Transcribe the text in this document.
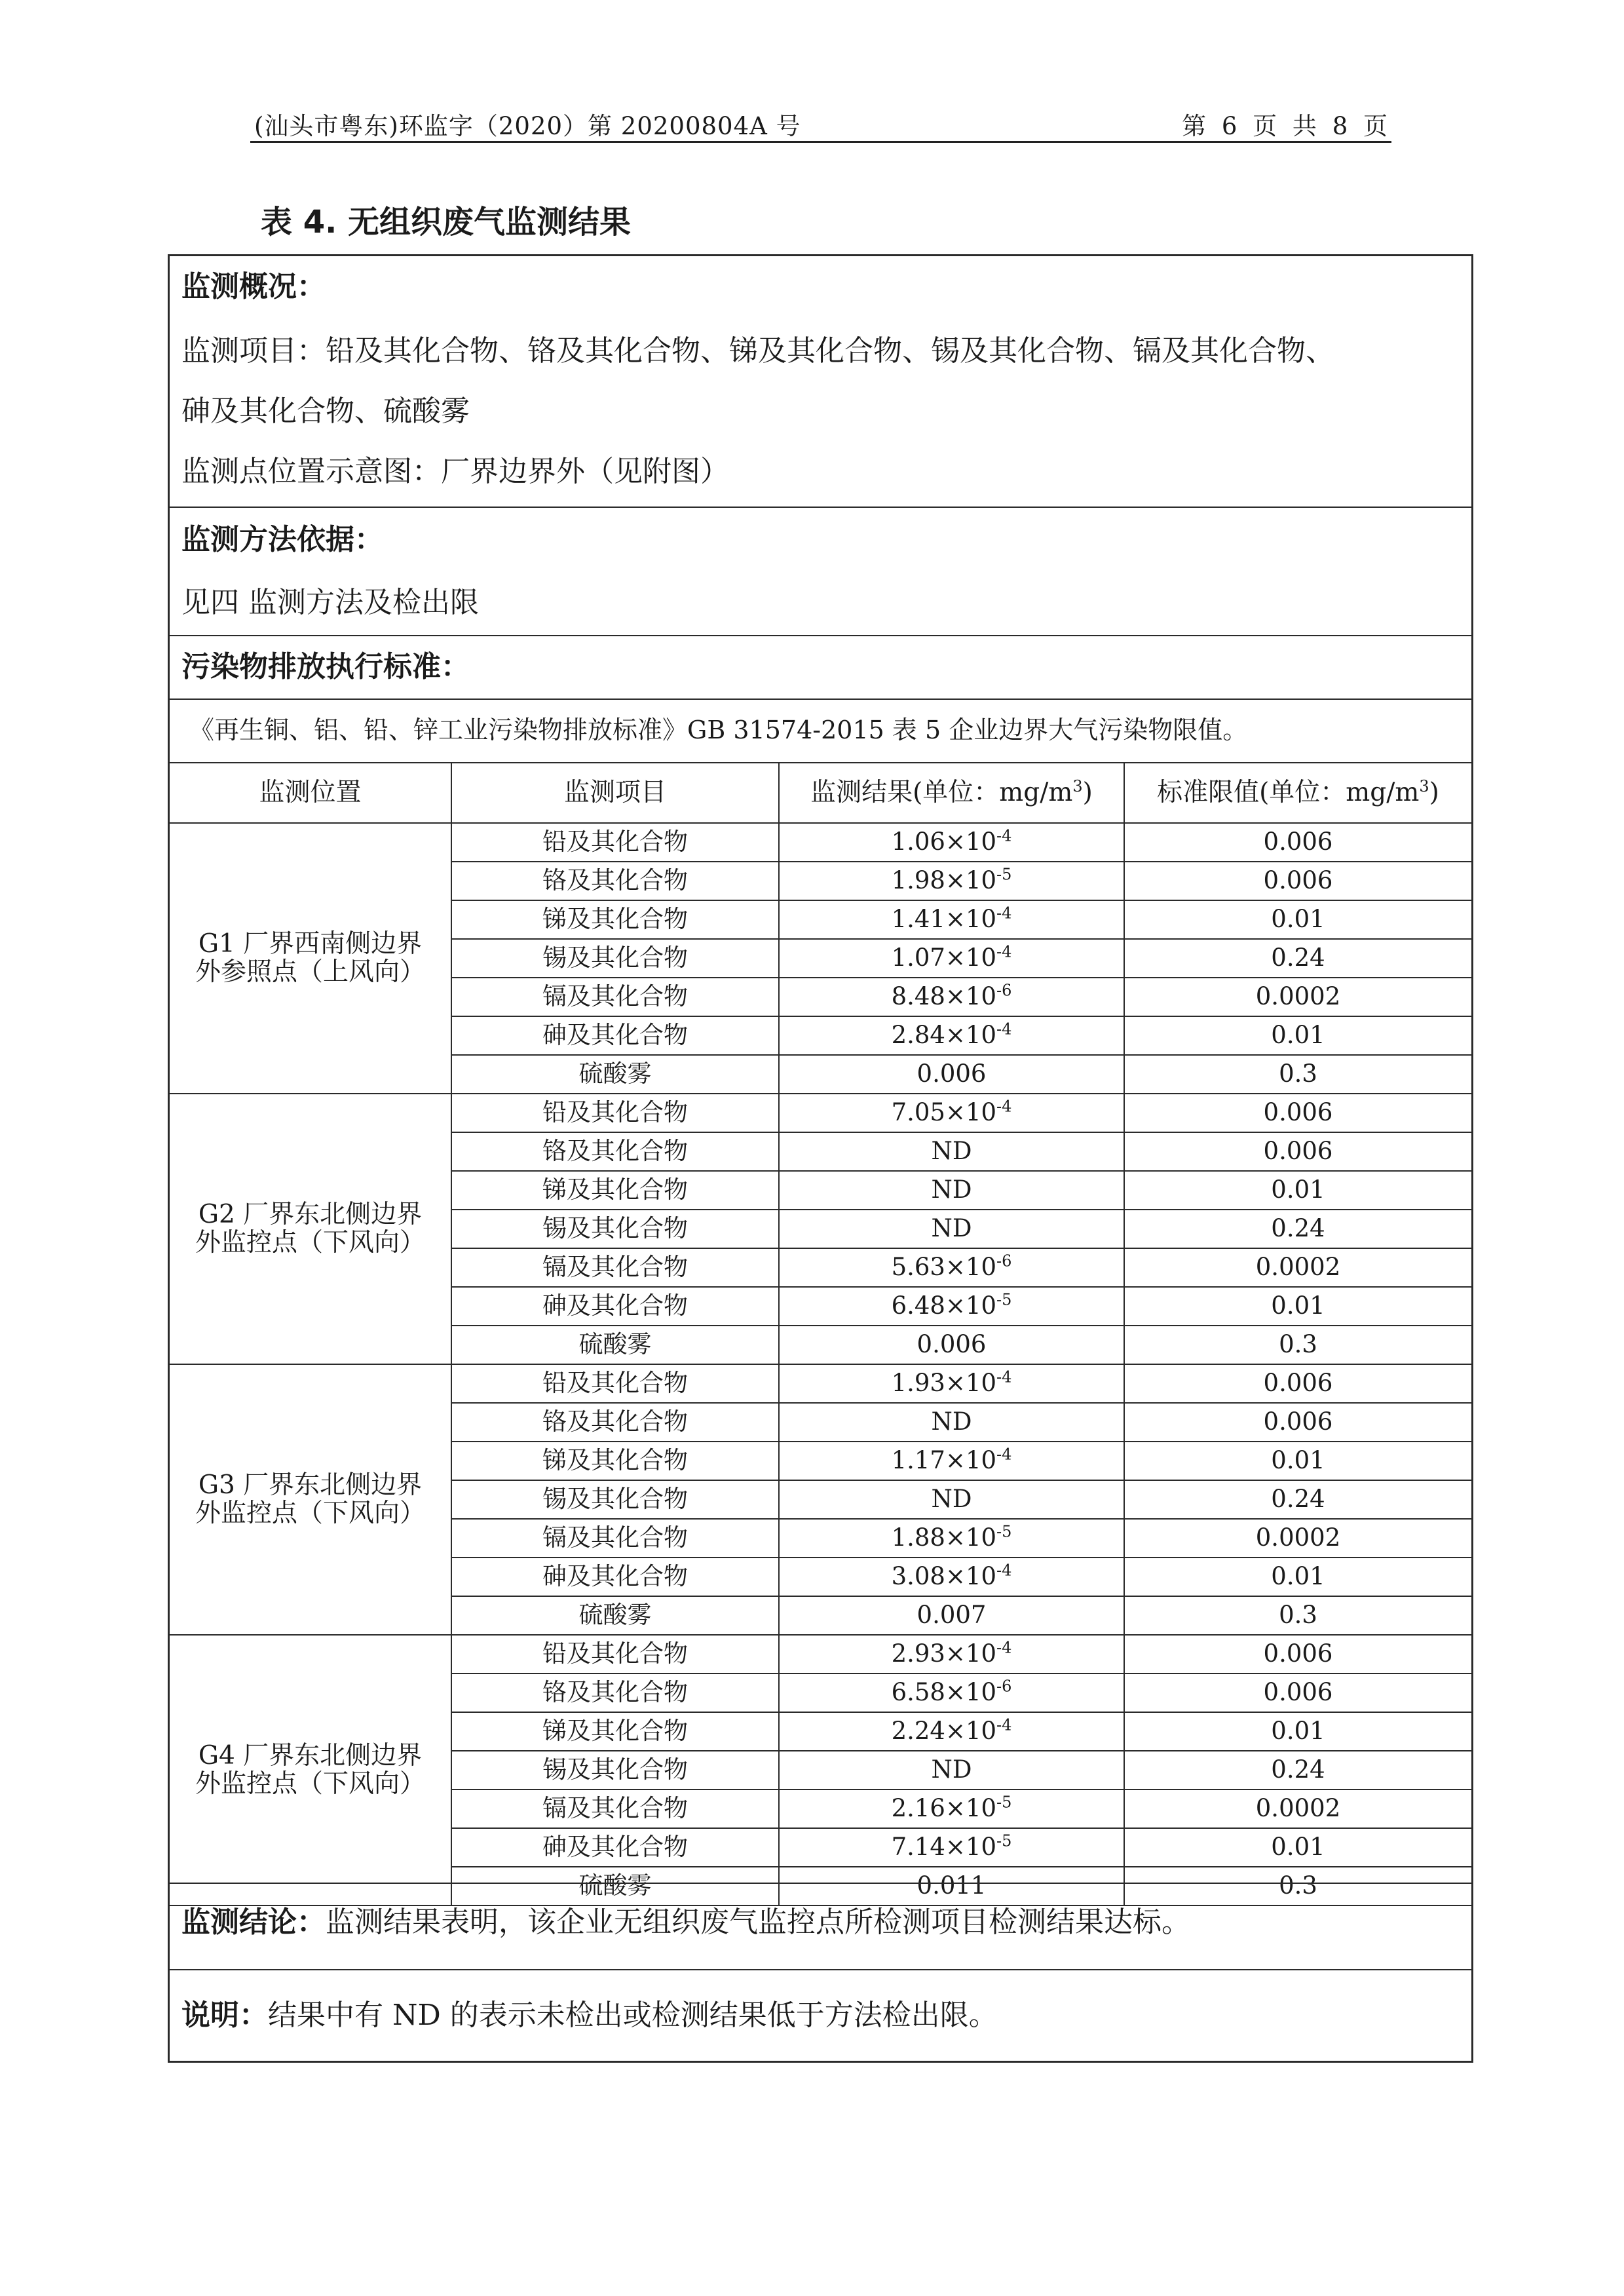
(汕头市粤东)环监字（2020）第 20200804A 号	第 6 页 共 8 页
表 4. 无组织废气监测结果
监测概况：
监测项目：铅及其化合物、铬及其化合物、锑及其化合物、锡及其化合物、镉及其化合物、
砷及其化合物、硫酸雾
监测点位置示意图：厂界边界外（见附图）
监测方法依据：
见四 监测方法及检出限
污染物排放执行标准：
《再生铜、铝、铅、锌工业污染物排放标准》GB 31574-2015 表 5 企业边界大气污染物限值。
监测位置	监测项目	监测结果(单位：$mg/m^3$)	标准限值(单位：$mg/m^3$)

G1 厂界西南侧边界
外参照点（上风向）	铅及其化合物	$1.06\times 10^{-4}$	0.006
	铬及其化合物	$1.98\times 10^{-5}$	0.006
	锑及其化合物	$1.41\times 10^{-4}$	0.01
	锡及其化合物	$1.07\times 10^{-4}$	0.24
	镉及其化合物	$8.48\times 10^{-6}$	0.0002
	砷及其化合物	$2.84\times 10^{-4}$	0.01
	硫酸雾	0.006	0.3

G2 厂界东北侧边界
外监控点（下风向）	铅及其化合物	$7.05\times 10^{-4}$	0.006
	铬及其化合物	ND	0.006
	锑及其化合物	ND	0.01
	锡及其化合物	ND	0.24
	镉及其化合物	$5.63\times 10^{-6}$	0.0002
	砷及其化合物	$6.48\times 10^{-5}$	0.01
	硫酸雾	0.006	0.3

G3 厂界东北侧边界
外监控点（下风向）	铅及其化合物	$1.93\times 10^{-4}$	0.006
	铬及其化合物	ND	0.006
	锑及其化合物	$1.17\times 10^{-4}$	0.01
	锡及其化合物	ND	0.24
	镉及其化合物	$1.88\times 10^{-5}$	0.0002
	砷及其化合物	$3.08\times 10^{-4}$	0.01
	硫酸雾	0.007	0.3

G4 厂界东北侧边界
外监控点（下风向）	铅及其化合物	$2.93\times 10^{-4}$	0.006
	铬及其化合物	$6.58\times 10^{-6}$	0.006
	锑及其化合物	$2.24\times 10^{-4}$	0.01
	锡及其化合物	ND	0.24
	镉及其化合物	$2.16\times 10^{-5}$	0.0002
	砷及其化合物	$7.14\times 10^{-5}$	0.01
	硫酸雾	0.011	0.3
监测结论：监测结果表明，该企业无组织废气监控点所检测项目检测结果达标。
说明：结果中有 ND 的表示未检出或检测结果低于方法检出限。
